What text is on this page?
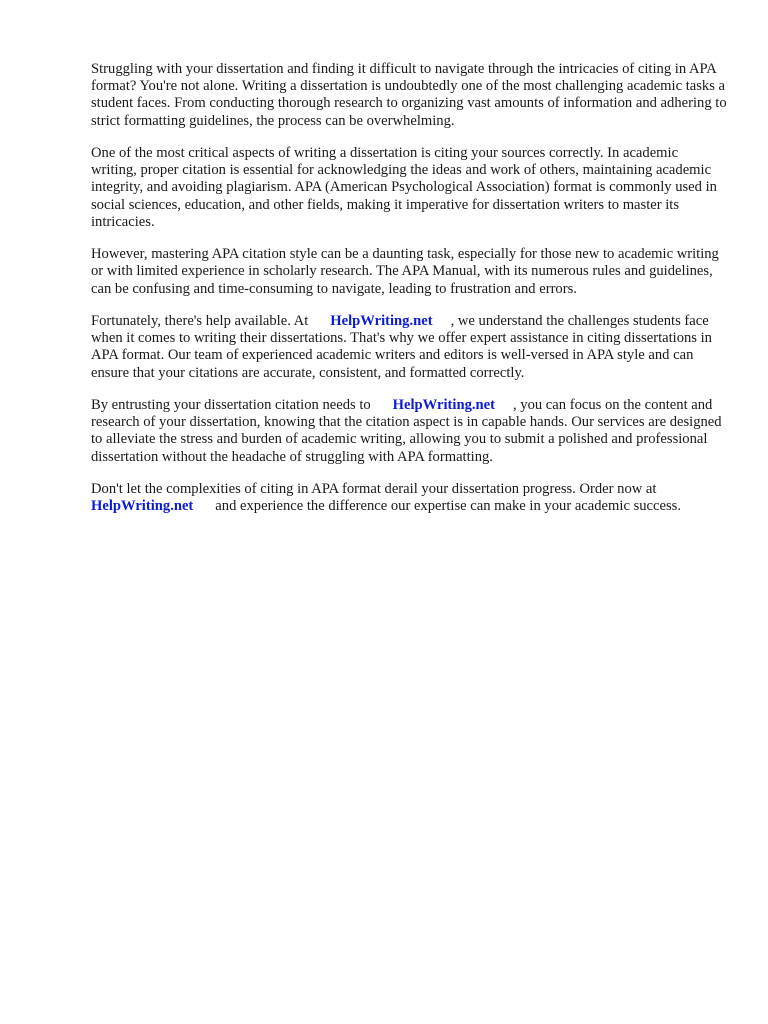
Struggling with your dissertation and finding it difficult to navigate through the intricacies of citing in APA format? You're not alone. Writing a dissertation is undoubtedly one of the most challenging academic tasks a student faces. From conducting thorough research to organizing vast amounts of information and adhering to strict formatting guidelines, the process can be overwhelming.

One of the most critical aspects of writing a dissertation is citing your sources correctly. In academic writing, proper citation is essential for acknowledging the ideas and work of others, maintaining academic integrity, and avoiding plagiarism. APA (American Psychological Association) format is commonly used in social sciences, education, and other fields, making it imperative for dissertation writers to master its intricacies.

However, mastering APA citation style can be a daunting task, especially for those new to academic writing or with limited experience in scholarly research. The APA Manual, with its numerous rules and guidelines, can be confusing and time-consuming to navigate, leading to frustration and errors.

Fortunately, there's help available. At HelpWriting.net , we understand the challenges students face when it comes to writing their dissertations. That's why we offer expert assistance in citing dissertations in APA format. Our team of experienced academic writers and editors is well-versed in APA style and can ensure that your citations are accurate, consistent, and formatted correctly.

By entrusting your dissertation citation needs to HelpWriting.net , you can focus on the content and research of your dissertation, knowing that the citation aspect is in capable hands. Our services are designed to alleviate the stress and burden of academic writing, allowing you to submit a polished and professional dissertation without the headache of struggling with APA formatting.

Don't let the complexities of citing in APA format derail your dissertation progress. Order now at HelpWriting.net and experience the difference our expertise can make in your academic success.
